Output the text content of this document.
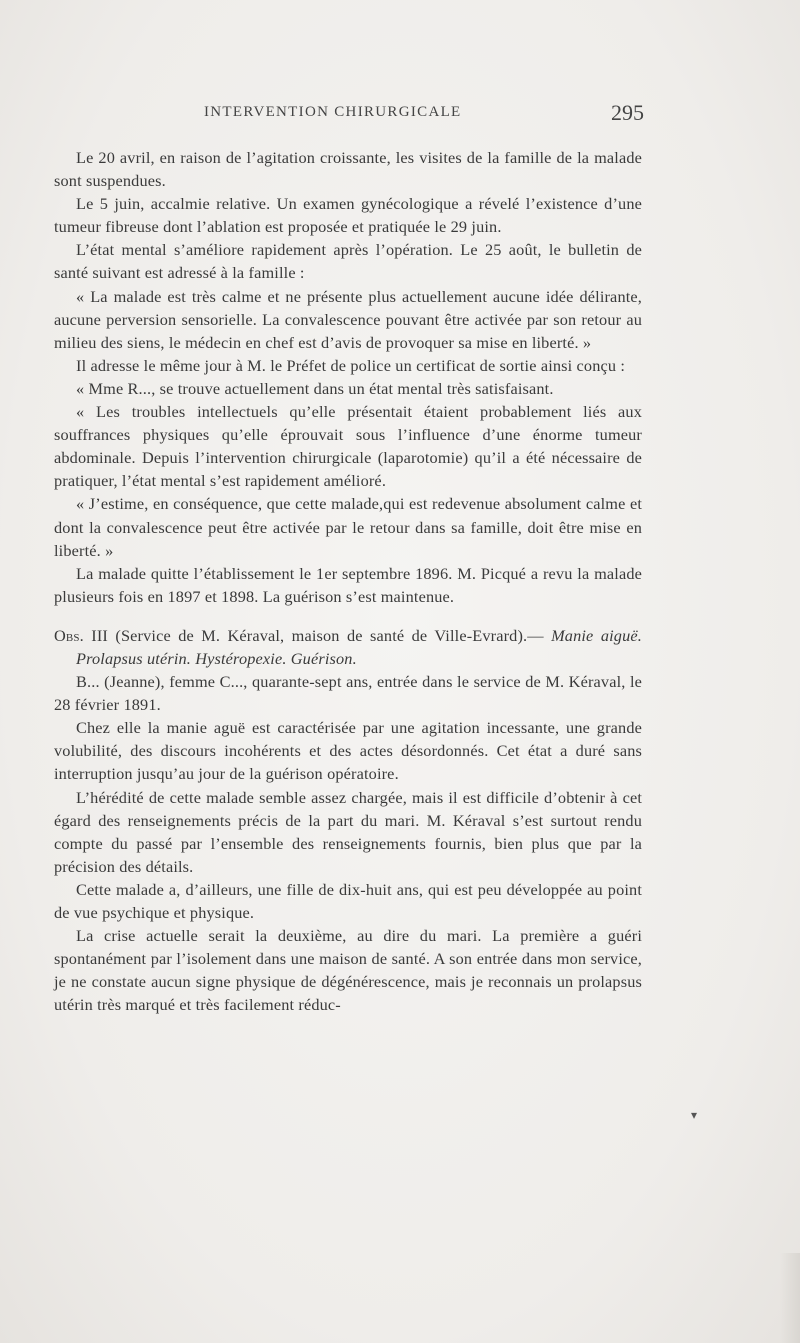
INTERVENTION CHIRURGICALE	295

Le 20 avril, en raison de l’agitation croissante, les visites de la famille de la malade sont suspendues.

Le 5 juin, accalmie relative. Un examen gynécologique a révelé l’existence d’une tumeur fibreuse dont l’ablation est proposée et pratiquée le 29 juin.

L’état mental s’améliore rapidement après l’opération. Le 25 août, le bulletin de santé suivant est adressé à la famille :

« La malade est très calme et ne présente plus actuellement aucune idée délirante, aucune perversion sensorielle. La convalescence pouvant être activée par son retour au milieu des siens, le médecin en chef est d’avis de provoquer sa mise en liberté. »

Il adresse le même jour à M. le Préfet de police un certificat de sortie ainsi conçu :

« Mme R..., se trouve actuellement dans un état mental très satisfaisant.

« Les troubles intellectuels qu’elle présentait étaient probablement liés aux souffrances physiques qu’elle éprouvait sous l’influence d’une énorme tumeur abdominale. Depuis l’intervention chirurgicale (laparotomie) qu’il a été nécessaire de pratiquer, l’état mental s’est rapidement amélioré.

« J’estime, en conséquence, que cette malade,qui est redevenue absolument calme et dont la convalescence peut être activée par le retour dans sa famille, doit être mise en liberté. »

La malade quitte l’établissement le 1er septembre 1896. M. Picqué a revu la malade plusieurs fois en 1897 et 1898. La guérison s’est maintenue.

Obs. III (Service de M. Kéraval, maison de santé de Ville-Evrard).— Manie aiguë. Prolapsus utérin. Hystéropexie. Guérison.

B... (Jeanne), femme C..., quarante-sept ans, entrée dans le service de M. Kéraval, le 28 février 1891.

Chez elle la manie aguë est caractérisée par une agitation incessante, une grande volubilité, des discours incohérents et des actes désordonnés. Cet état a duré sans interruption jusqu’au jour de la guérison opératoire.

L’hérédité de cette malade semble assez chargée, mais il est difficile d’obtenir à cet égard des renseignements précis de la part du mari. M. Kéraval s’est surtout rendu compte du passé par l’ensemble des renseignements fournis, bien plus que par la précision des détails.

Cette malade a, d’ailleurs, une fille de dix-huit ans, qui est peu développée au point de vue psychique et physique.

La crise actuelle serait la deuxième, au dire du mari. La première a guéri spontanément par l’isolement dans une maison de santé. A son entrée dans mon service, je ne constate aucun signe physique de dégénérescence, mais je reconnais un prolapsus utérin très marqué et très facilement réduc-

▾
